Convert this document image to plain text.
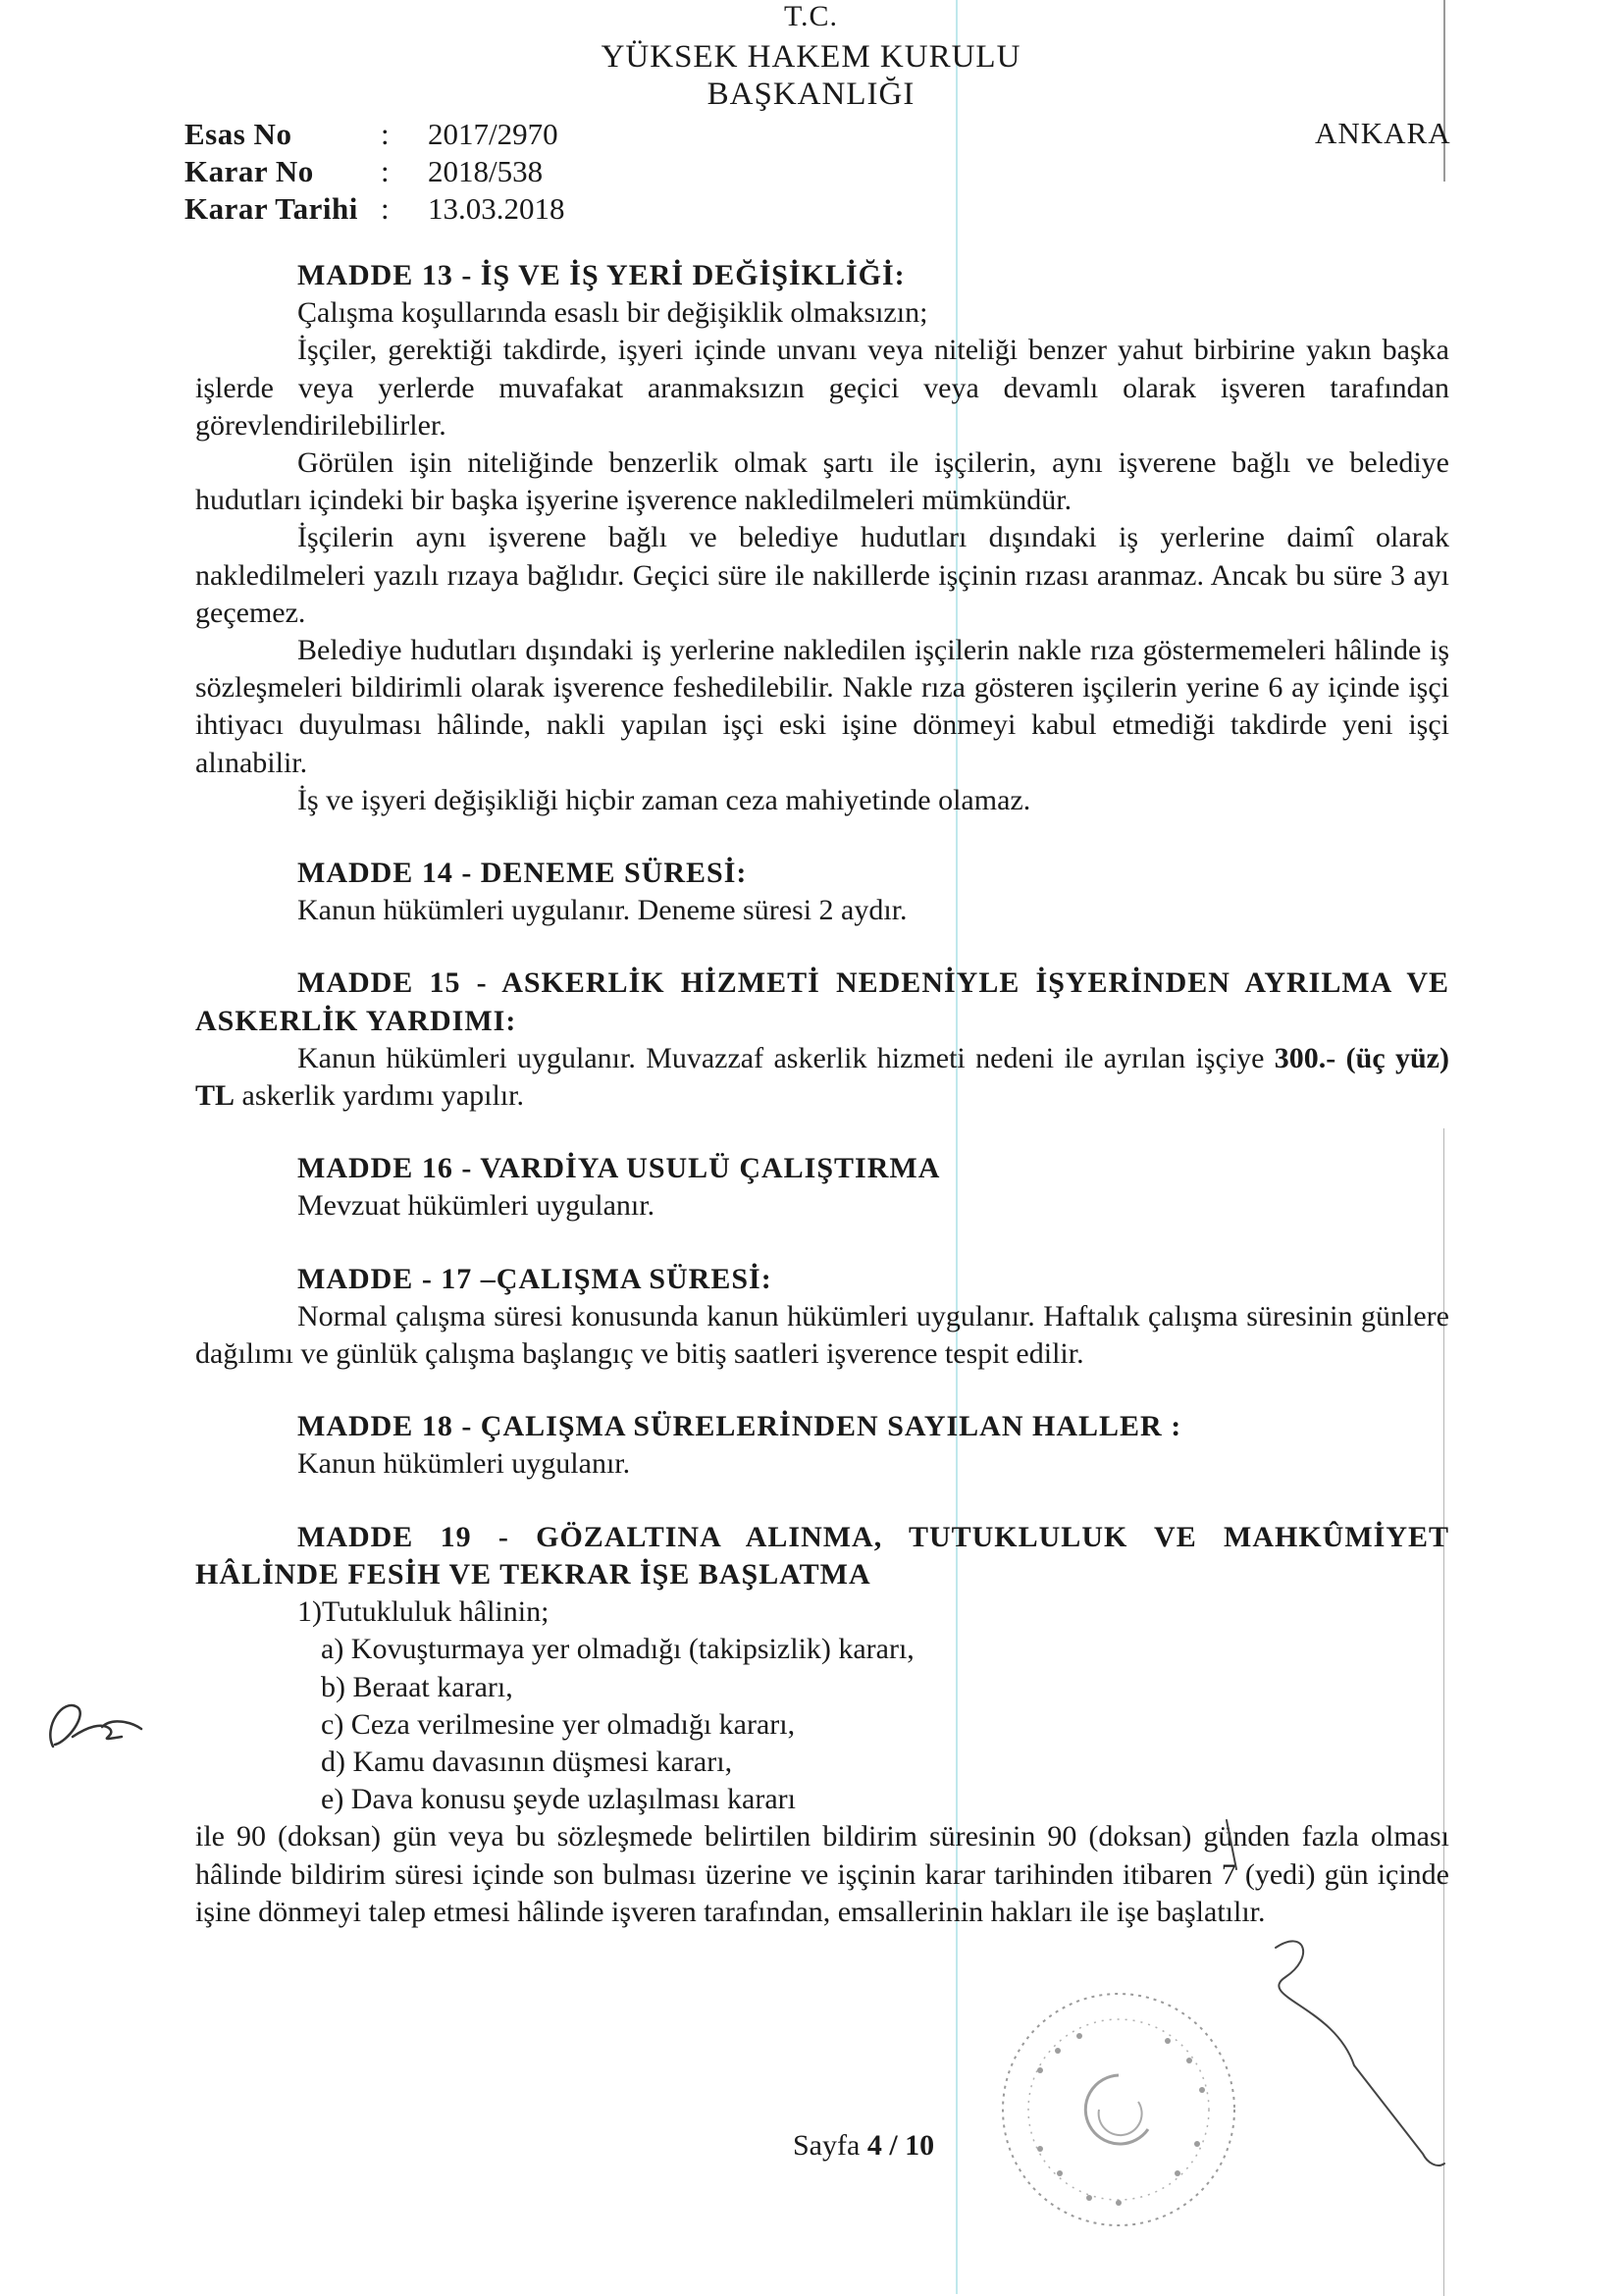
T.C.
YÜKSEK HAKEM KURULU
BAŞKANLIĞI
ANKARA
Esas No	:	2017/2970
Karar No	:	2018/538
Karar Tarihi :	13.03.2018
MADDE 13 - İŞ VE İŞ YERİ DEĞİŞİKLİĞİ:
Çalışma koşullarında esaslı bir değişiklik olmaksızın;
İşçiler, gerektiği takdirde, işyeri içinde unvanı veya niteliği benzer yahut birbirine yakın başka işlerde veya yerlerde muvafakat aranmaksızın geçici veya devamlı olarak işveren tarafından görevlendirilebilirler.
Görülen işin niteliğinde benzerlik olmak şartı ile işçilerin, aynı işverene bağlı ve belediye hudutları içindeki bir başka işyerine işverence nakledilmeleri mümkündür.
İşçilerin aynı işverene bağlı ve belediye hudutları dışındaki iş yerlerine daimî olarak nakledilmeleri yazılı rızaya bağlıdır. Geçici süre ile nakillerde işçinin rızası aranmaz. Ancak bu süre 3 ayı geçemez.
Belediye hudutları dışındaki iş yerlerine nakledilen işçilerin nakle rıza göstermemeleri hâlinde iş sözleşmeleri bildirimli olarak işverence feshedilebilir. Nakle rıza gösteren işçilerin yerine 6 ay içinde işçi ihtiyacı duyulması hâlinde, nakli yapılan işçi eski işine dönmeyi kabul etmediği takdirde yeni işçi alınabilir.
İş ve işyeri değişikliği hiçbir zaman ceza mahiyetinde olamaz.
MADDE 14 - DENEME SÜRESİ:
Kanun hükümleri uygulanır. Deneme süresi 2 aydır.
MADDE 15 - ASKERLİK HİZMETİ NEDENİYLE İŞYERİNDEN AYRILMA VE ASKERLİK YARDIMI:
Kanun hükümleri uygulanır. Muvazzaf askerlik hizmeti nedeni ile ayrılan işçiye 300.- (üç yüz) TL askerlik yardımı yapılır.
MADDE 16 - VARDİYA USULÜ ÇALIŞTIRMA
Mevzuat hükümleri uygulanır.
MADDE - 17 –ÇALIŞMA SÜRESİ:
Normal çalışma süresi konusunda kanun hükümleri uygulanır. Haftalık çalışma süresinin günlere dağılımı ve günlük çalışma başlangıç ve bitiş saatleri işverence tespit edilir.
MADDE 18 - ÇALIŞMA SÜRELERİNDEN SAYILAN HALLER :
Kanun hükümleri uygulanır.
MADDE 19 - GÖZALTINA ALINMA, TUTUKLULUK VE MAHKÛMİYET HÂLİNDE FESİH VE TEKRAR İŞE BAŞLATMA
1)Tutukluluk hâlinin;
a) Kovuşturmaya yer olmadığı (takipsizlik) kararı,
b) Beraat kararı,
c) Ceza verilmesine yer olmadığı kararı,
d) Kamu davasının düşmesi kararı,
e) Dava konusu şeyde uzlaşılması kararı
ile 90 (doksan) gün veya bu sözleşmede belirtilen bildirim süresinin 90 (doksan) günden fazla olması hâlinde bildirim süresi içinde son bulması üzerine ve işçinin karar tarihinden itibaren 7 (yedi) gün içinde işine dönmeyi talep etmesi hâlinde işveren tarafından, emsallerinin hakları ile işe başlatılır.
Sayfa 4 / 10
